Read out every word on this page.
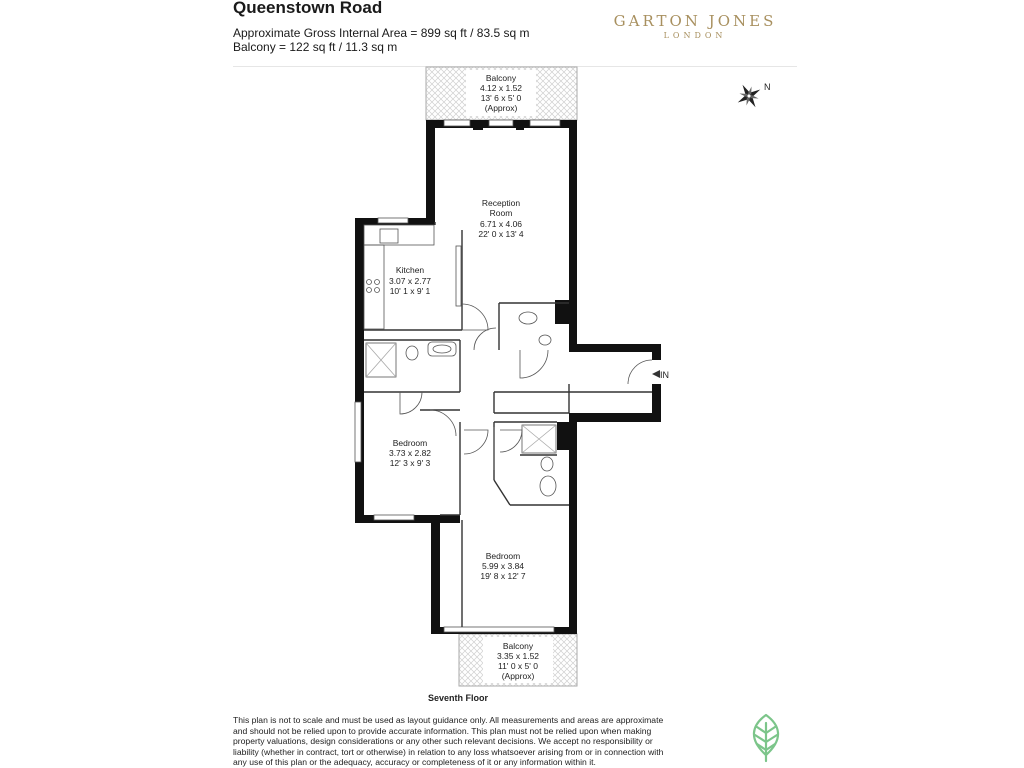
Queenstown Road
Approximate Gross Internal Area = 899 sq ft / 83.5 sq m
Balcony = 122 sq ft / 11.3 sq m
GARTON JONES
LONDON
Balcony
4.12 x 1.52
13' 6 x 5' 0
(Approx)
Reception
Room
6.71 x 4.06
22' 0 x 13' 4
Kitchen
3.07 x 2.77
10' 1 x 9' 1
Bedroom
3.73 x 2.82
12' 3 x 9' 3
Bedroom
5.99 x 3.84
19' 8 x 12' 7
Balcony
3.35 x 1.52
11' 0 x 5' 0
(Approx)
IN
N
Seventh Floor
This plan is not to scale and must be used as layout guidance only. All measurements and areas are approximate and should not be relied upon to provide accurate information. This plan must not be relied upon when making property valuations, design considerations or any other such relevant decisions. We accept no responsibility or liability (whether in contract, tort or otherwise) in relation to any loss whatsoever arising from or in connection with any use of this plan or the adequacy, accuracy or completeness of it or any information within it.
